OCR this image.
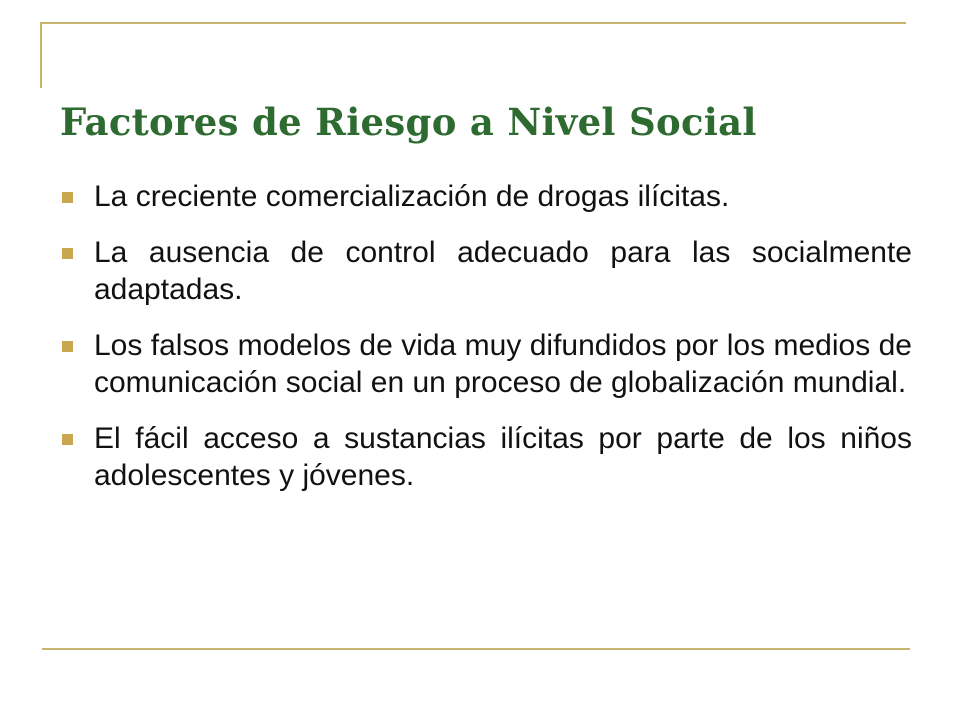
Factores de Riesgo a Nivel Social
La creciente comercialización de drogas ilícitas.
La ausencia de control adecuado para las socialmente adaptadas.
Los falsos modelos de vida muy difundidos por los medios de comunicación social en un proceso de globalización mundial.
El fácil acceso a sustancias ilícitas por parte de los niños adolescentes y jóvenes.
